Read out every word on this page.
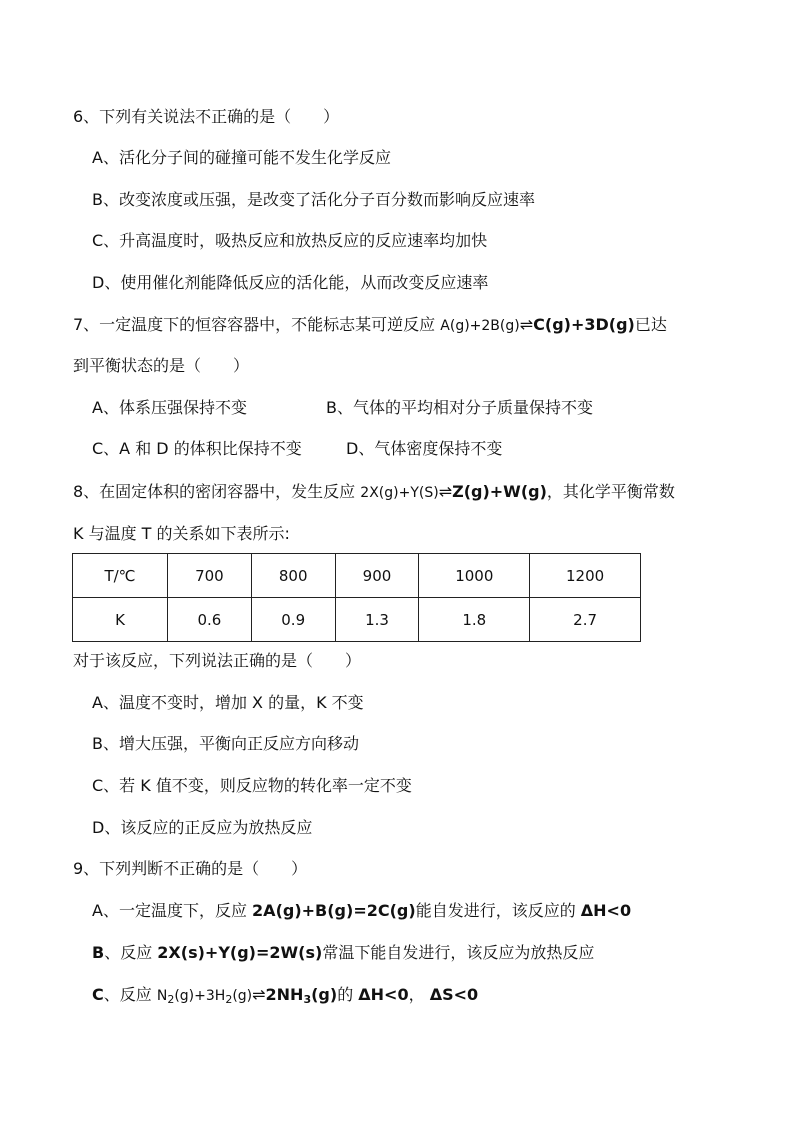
6、下列有关说法不正确的是（　　）
A、活化分子间的碰撞可能不发生化学反应
B、改变浓度或压强，是改变了活化分子百分数而影响反应速率
C、升高温度时，吸热反应和放热反应的反应速率均加快
D、使用催化剂能降低反应的活化能，从而改变反应速率
7、一定温度下的恒容容器中，不能标志某可逆反应 A(g)+2B(g)⇌C(g)+3D(g)已达
到平衡状态的是（　　）
A、体系压强保持不变	B、气体的平均相对分子质量保持不变
C、A 和 D 的体积比保持不变	D、气体密度保持不变
8、在固定体积的密闭容器中，发生反应 2X(g)+Y(S)⇌Z(g)+W(g)，其化学平衡常数
K 与温度 T 的关系如下表所示:
T/℃	700	800	900	1000	1200
K	0.6	0.9	1.3	1.8	2.7
对于该反应，下列说法正确的是（　　）
A、温度不变时，增加 X 的量，K 不变
B、增大压强，平衡向正反应方向移动
C、若 K 值不变，则反应物的转化率一定不变
D、该反应的正反应为放热反应
9、下列判断不正确的是（　　）
A、一定温度下，反应 2A(g)+B(g)=2C(g)能自发进行，该反应的 ΔH<0
B、反应 2X(s)+Y(g)=2W(s)常温下能自发进行，该反应为放热反应
C、反应 $N_2(g)+3H_2(g)\rightleftharpoons 2NH_3(g)$的 ΔH<0， ΔS<0
